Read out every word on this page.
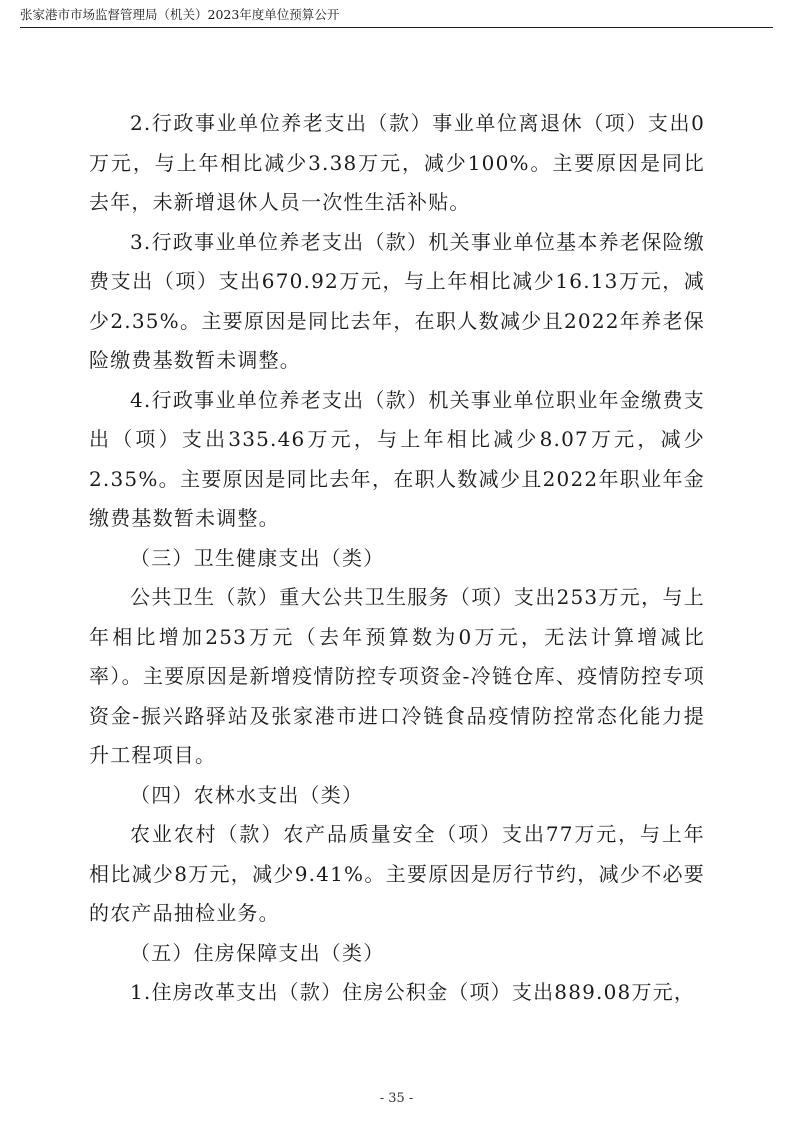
张家港市市场监督管理局（机关）2023年度单位预算公开

2.行政事业单位养老支出（款）事业单位离退休（项）支出0万元，与上年相比减少3.38万元，减少100%。主要原因是同比去年，未新增退休人员一次性生活补贴。

3.行政事业单位养老支出（款）机关事业单位基本养老保险缴费支出（项）支出670.92万元，与上年相比减少16.13万元，减少2.35%。主要原因是同比去年，在职人数减少且2022年养老保险缴费基数暂未调整。

4.行政事业单位养老支出（款）机关事业单位职业年金缴费支出（项）支出335.46万元，与上年相比减少8.07万元，减少2.35%。主要原因是同比去年，在职人数减少且2022年职业年金缴费基数暂未调整。

（三）卫生健康支出（类）

公共卫生（款）重大公共卫生服务（项）支出253万元，与上年相比增加253万元（去年预算数为0万元，无法计算增减比率）。主要原因是新增疫情防控专项资金-冷链仓库、疫情防控专项资金-振兴路驿站及张家港市进口冷链食品疫情防控常态化能力提升工程项目。

（四）农林水支出（类）

农业农村（款）农产品质量安全（项）支出77万元，与上年相比减少8万元，减少9.41%。主要原因是厉行节约，减少不必要的农产品抽检业务。

（五）住房保障支出（类）

1.住房改革支出（款）住房公积金（项）支出889.08万元，

- 35 -
